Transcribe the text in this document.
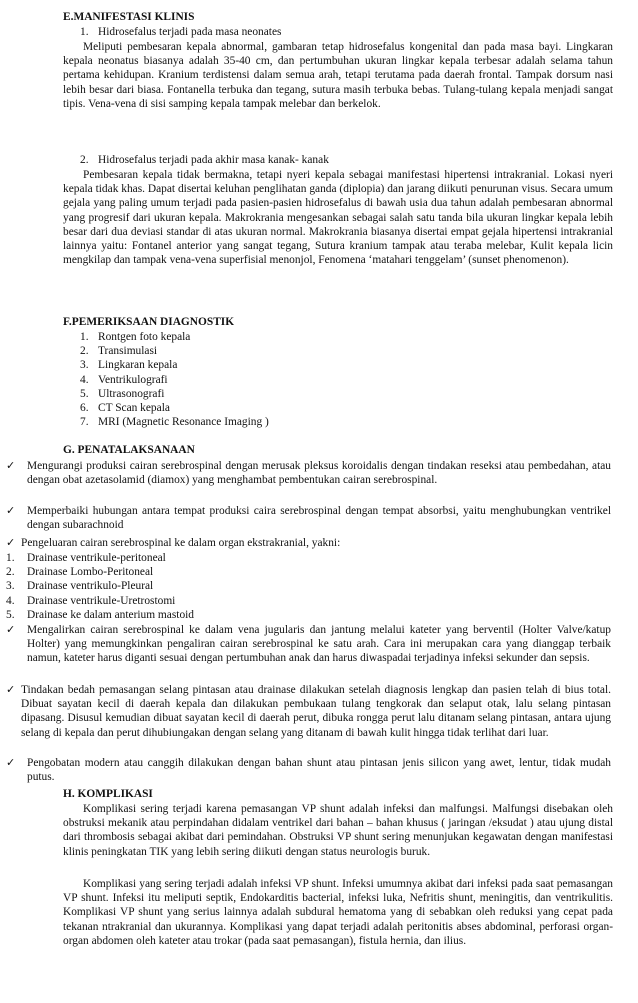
E.MANIFESTASI KLINIS
1. Hidrosefalus terjadi pada masa neonates

Meliputi pembesaran kepala abnormal, gambaran tetap hidrosefalus kongenital dan pada masa bayi. Lingkaran kepala neonatus biasanya adalah 35-40 cm, dan pertumbuhan ukuran lingkar kepala terbesar adalah selama tahun pertama kehidupan. Kranium terdistensi dalam semua arah, tetapi terutama pada daerah frontal. Tampak dorsum nasi lebih besar dari biasa. Fontanella terbuka dan tegang, sutura masih terbuka bebas. Tulang-tulang kepala menjadi sangat tipis. Vena-vena di sisi samping kepala tampak melebar dan berkelok.

2. Hidrosefalus terjadi pada akhir masa kanak- kanak

Pembesaran kepala tidak bermakna, tetapi nyeri kepala sebagai manifestasi hipertensi intrakranial. Lokasi nyeri kepala tidak khas. Dapat disertai keluhan penglihatan ganda (diplopia) dan jarang diikuti penurunan visus. Secara umum gejala yang paling umum terjadi pada pasien-pasien hidrosefalus di bawah usia dua tahun adalah pembesaran abnormal yang progresif dari ukuran kepala. Makrokrania mengesankan sebagai salah satu tanda bila ukuran lingkar kepala lebih besar dari dua deviasi standar di atas ukuran normal. Makrokrania biasanya disertai empat gejala hipertensi intrakranial lainnya yaitu: Fontanel anterior yang sangat tegang, Sutura kranium tampak atau teraba melebar, Kulit kepala licin mengkilap dan tampak vena-vena superfisial menonjol, Fenomena ‘matahari tenggelam’ (sunset phenomenon).

F.PEMERIKSAAN DIAGNOSTIK
1. Rontgen foto kepala
2. Transimulasi
3. Lingkaran kepala
4. Ventrikulografi
5. Ultrasonografi
6. CT Scan kepala
7. MRI (Magnetic Resonance Imaging )
G. PENATALAKSANAAN
✓ Mengurangi produksi cairan serebrospinal dengan merusak pleksus koroidalis dengan tindakan reseksi atau pembedahan, atau dengan obat azetasolamid (diamox) yang menghambat pembentukan cairan serebrospinal.
✓ Memperbaiki hubungan antara tempat produksi caira serebrospinal dengan tempat absorbsi, yaitu menghubungkan ventrikel dengan subarachnoid
✓ Pengeluaran cairan serebrospinal ke dalam organ ekstrakranial, yakni:
1. Drainase ventrikule-peritoneal
2. Drainase Lombo-Peritoneal
3. Drainase ventrikulo-Pleural
4. Drainase ventrikule-Uretrostomi
5. Drainase ke dalam anterium mastoid
✓ Mengalirkan cairan serebrospinal ke dalam vena jugularis dan jantung melalui kateter yang berventil (Holter Valve/katup Holter) yang memungkinkan pengaliran cairan serebrospinal ke satu arah. Cara ini merupakan cara yang dianggap terbaik namun, kateter harus diganti sesuai dengan pertumbuhan anak dan harus diwaspadai terjadinya infeksi sekunder dan sepsis.
✓ Tindakan bedah pemasangan selang pintasan atau drainase dilakukan setelah diagnosis lengkap dan pasien telah di bius total. Dibuat sayatan kecil di daerah kepala dan dilakukan pembukaan tulang tengkorak dan selaput otak, lalu selang pintasan dipasang. Disusul kemudian dibuat sayatan kecil di daerah perut, dibuka rongga perut lalu ditanam selang pintasan, antara ujung selang di kepala dan perut dihubiungakan dengan selang yang ditanam di bawah kulit hingga tidak terlihat dari luar.
✓ Pengobatan modern atau canggih dilakukan dengan bahan shunt atau pintasan jenis silicon yang awet, lentur, tidak mudah putus.
H. KOMPLIKASI

Komplikasi sering terjadi karena pemasangan VP shunt adalah infeksi dan malfungsi. Malfungsi disebakan oleh obstruksi mekanik atau perpindahan didalam ventrikel dari bahan – bahan khusus ( jaringan /eksudat ) atau ujung distal dari thrombosis sebagai akibat dari pemindahan. Obstruksi VP shunt sering menunjukan kegawatan dengan manifestasi klinis peningkatan TIK yang lebih sering diikuti dengan status neurologis buruk.

Komplikasi yang sering terjadi adalah infeksi VP shunt. Infeksi umumnya akibat dari infeksi pada saat pemasangan VP shunt. Infeksi itu meliputi septik, Endokarditis bacterial, infeksi luka, Nefritis shunt, meningitis, dan ventrikulitis. Komplikasi VP shunt yang serius lainnya adalah subdural hematoma yang di sebabkan oleh reduksi yang cepat pada tekanan ntrakranial dan ukurannya. Komplikasi yang dapat terjadi adalah peritonitis abses abdominal, perforasi organ-organ abdomen oleh kateter atau trokar (pada saat pemasangan), fistula hernia, dan ilius.
